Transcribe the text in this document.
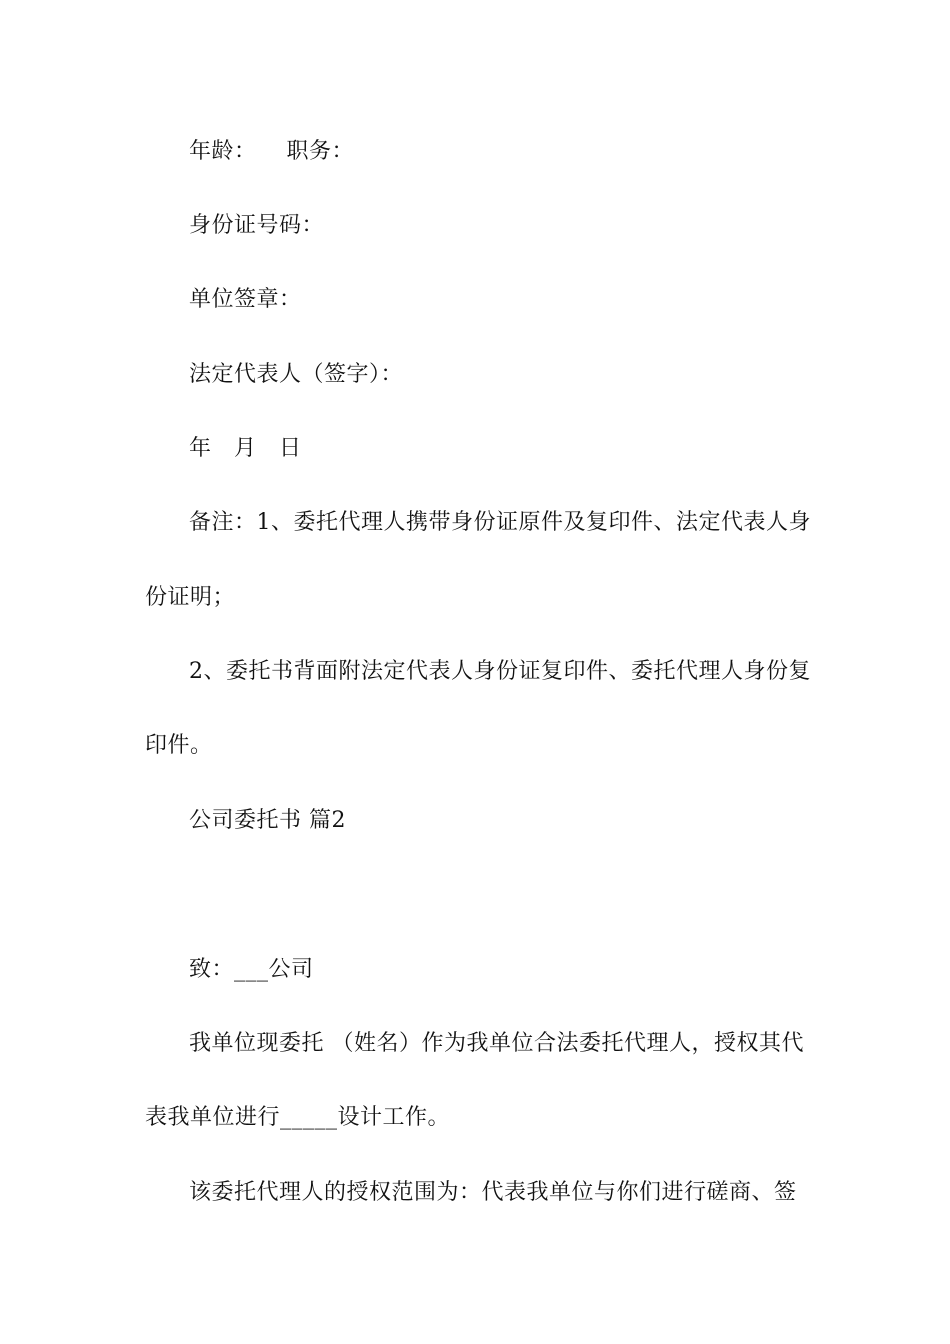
年龄：    职务：
身份证号码：
单位签章：
法定代表人（签字）：
年   月   日
备注：1、委托代理人携带身份证原件及复印件、法定代表人身
份证明；
2、委托书背面附法定代表人身份证复印件、委托代理人身份复
印件。
公司委托书 篇2
致：___公司
我单位现委托 （姓名）作为我单位合法委托代理人，授权其代
表我单位进行_____设计工作。
该委托代理人的授权范围为：代表我单位与你们进行磋商、签
